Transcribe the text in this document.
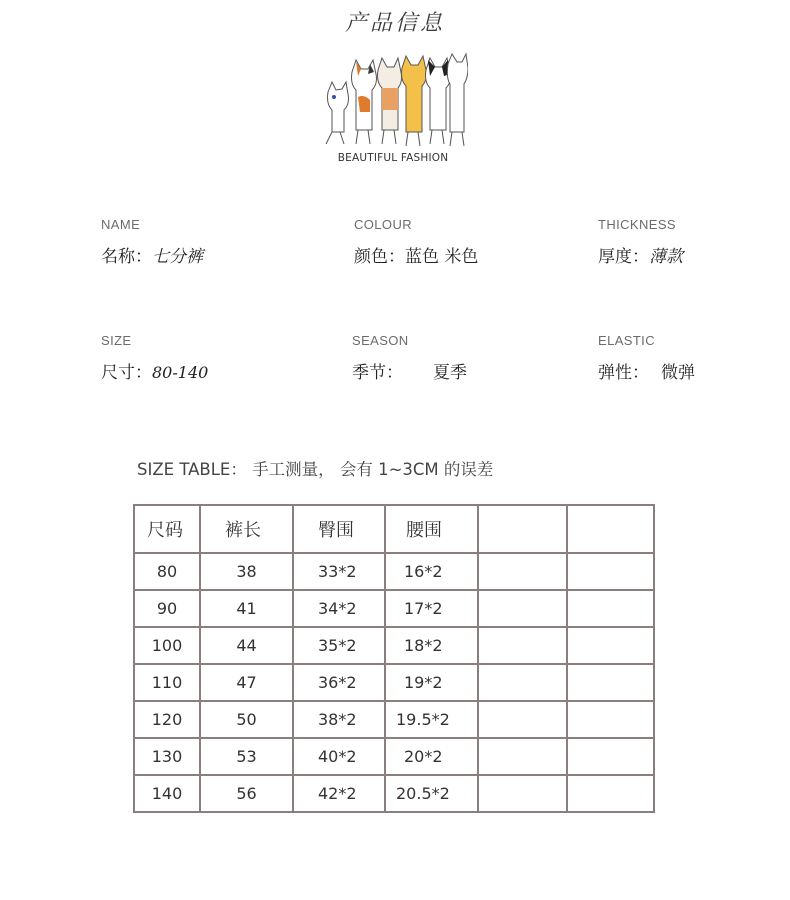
产品信息
BEAUTIFUL FASHION
NAME
名称：七分裤
COLOUR
颜色：蓝色 米色
THICKNESS
厚度：薄款
SIZE
尺寸：80-140
SEASON
季节： 夏季
ELASTIC
弹性： 微弹
SIZE TABLE： 手工测量， 会有 1~3CM 的误差
尺码	裤长	臀围	腰围		
80	38	33*2	16*2		
90	41	34*2	17*2		
100	44	35*2	18*2		
110	47	36*2	19*2		
120	50	38*2	19.5*2		
130	53	40*2	20*2		
140	56	42*2	20.5*2		
